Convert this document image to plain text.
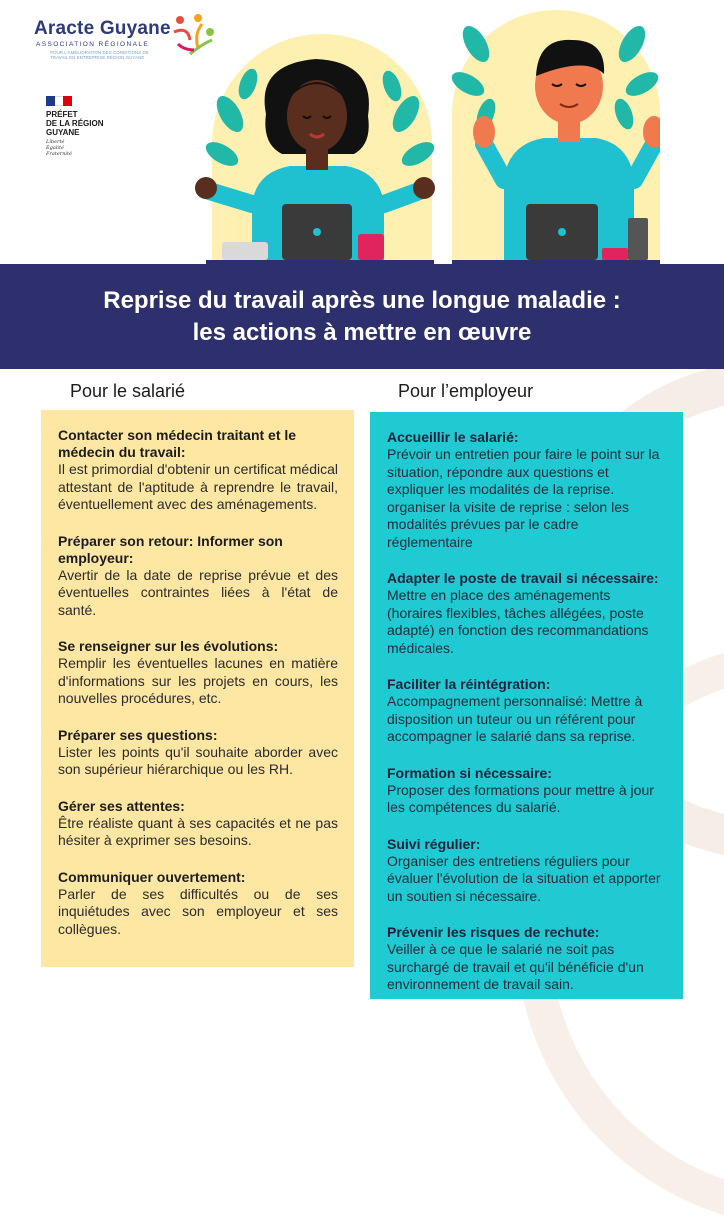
Aracte Guyane
ASSOCIATION RÉGIONALE
POUR L'AMÉLIORATION DES CONDITIONS DE TRAVAIL EN ENTREPRISE RÉGION GUYANE
PRÉFET
DE LA RÉGION
GUYANE
Liberté
Égalité
Fraternité
Reprise du travail après une longue maladie :
les actions à mettre en œuvre
Pour le salarié	Pour l’employeur
Contacter son médecin traitant et le médecin du travail:
Il est primordial d'obtenir un certificat médical attestant de l'aptitude à reprendre le travail, éventuellement avec des aménagements.
Préparer son retour: Informer son employeur:
Avertir de la date de reprise prévue et des éventuelles contraintes liées à l'état de santé.
Se renseigner sur les évolutions:
Remplir les éventuelles lacunes en matière d'informations sur les projets en cours, les nouvelles procédures, etc.
Préparer ses questions:
Lister les points qu'il souhaite aborder avec son supérieur hiérarchique ou les RH.
Gérer ses attentes:
Être réaliste quant à ses capacités et ne pas hésiter à exprimer ses besoins.
Communiquer ouvertement:
Parler de ses difficultés ou de ses inquiétudes avec son employeur et ses collègues.
Accueillir le salarié:
Prévoir un entretien pour faire le point sur la situation, répondre aux questions et expliquer les modalités de la reprise. organiser la visite de reprise : selon les modalités prévues par le cadre réglementaire
Adapter le poste de travail si nécessaire:
Mettre en place des aménagements (horaires flexibles, tâches allégées, poste adapté) en fonction des recommandations médicales.
Faciliter la réintégration:
Accompagnement personnalisé: Mettre à disposition un tuteur ou un référent pour accompagner le salarié dans sa reprise.
Formation si nécessaire:
Proposer des formations pour mettre à jour les compétences du salarié.
Suivi régulier:
Organiser des entretiens réguliers pour évaluer l'évolution de la situation et apporter un soutien si nécessaire.
Prévenir les risques de rechute:
Veiller à ce que le salarié ne soit pas surchargé de travail et qu'il bénéficie d'un environnement de travail sain.
